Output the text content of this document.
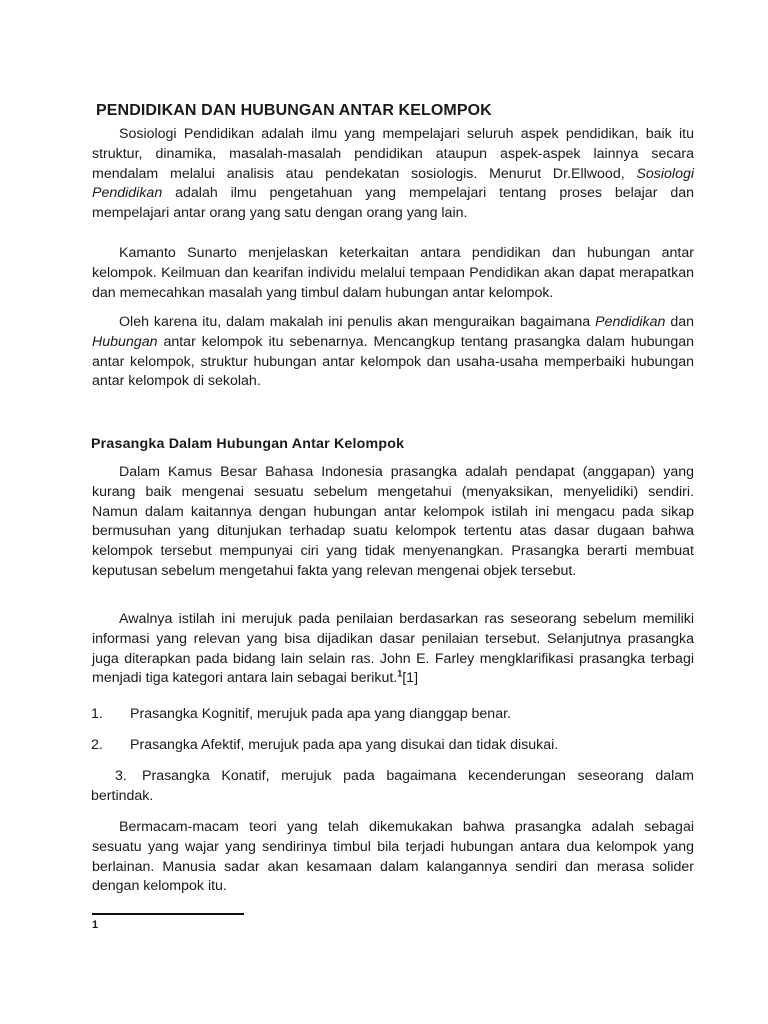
PENDIDIKAN DAN HUBUNGAN ANTAR KELOMPOK

Sosiologi Pendidikan adalah ilmu yang mempelajari seluruh aspek pendidikan, baik itu struktur, dinamika, masalah-masalah pendidikan ataupun aspek-aspek lainnya secara mendalam melalui analisis atau pendekatan sosiologis. Menurut Dr.Ellwood, Sosiologi Pendidikan adalah ilmu pengetahuan yang mempelajari tentang proses belajar dan mempelajari antar orang yang satu dengan orang yang lain.

Kamanto Sunarto menjelaskan keterkaitan antara pendidikan dan hubungan antar kelompok. Keilmuan dan kearifan individu melalui tempaan Pendidikan akan dapat merapatkan dan memecahkan masalah yang timbul dalam hubungan antar kelompok.

Oleh karena itu, dalam makalah ini penulis akan menguraikan bagaimana Pendidikan dan Hubungan antar kelompok itu sebenarnya. Mencangkup tentang prasangka dalam hubungan antar kelompok, struktur hubungan antar kelompok dan usaha-usaha memperbaiki hubungan antar kelompok di sekolah.

Prasangka Dalam Hubungan Antar Kelompok

Dalam Kamus Besar Bahasa Indonesia prasangka adalah pendapat (anggapan) yang kurang baik mengenai sesuatu sebelum mengetahui (menyaksikan, menyelidiki) sendiri. Namun dalam kaitannya dengan hubungan antar kelompok istilah ini mengacu pada sikap bermusuhan yang ditunjukan terhadap suatu kelompok tertentu atas dasar dugaan bahwa kelompok tersebut mempunyai ciri yang tidak menyenangkan. Prasangka berarti membuat keputusan sebelum mengetahui fakta yang relevan mengenai objek tersebut.

Awalnya istilah ini merujuk pada penilaian berdasarkan ras seseorang sebelum memiliki informasi yang relevan yang bisa dijadikan dasar penilaian tersebut. Selanjutnya prasangka juga diterapkan pada bidang lain selain ras. John E. Farley mengklarifikasi prasangka terbagi menjadi tiga kategori antara lain sebagai berikut.$^1$[1]

1. Prasangka Kognitif, merujuk pada apa yang dianggap benar.
2. Prasangka Afektif, merujuk pada apa yang disukai dan tidak disukai.
3. Prasangka Konatif, merujuk pada bagaimana kecenderungan seseorang dalam bertindak.

Bermacam-macam teori yang telah dikemukakan bahwa prasangka adalah sebagai sesuatu yang wajar yang sendirinya timbul bila terjadi hubungan antara dua kelompok yang berlainan. Manusia sadar akan kesamaan dalam kalangannya sendiri dan merasa solider dengan kelompok itu.

1
